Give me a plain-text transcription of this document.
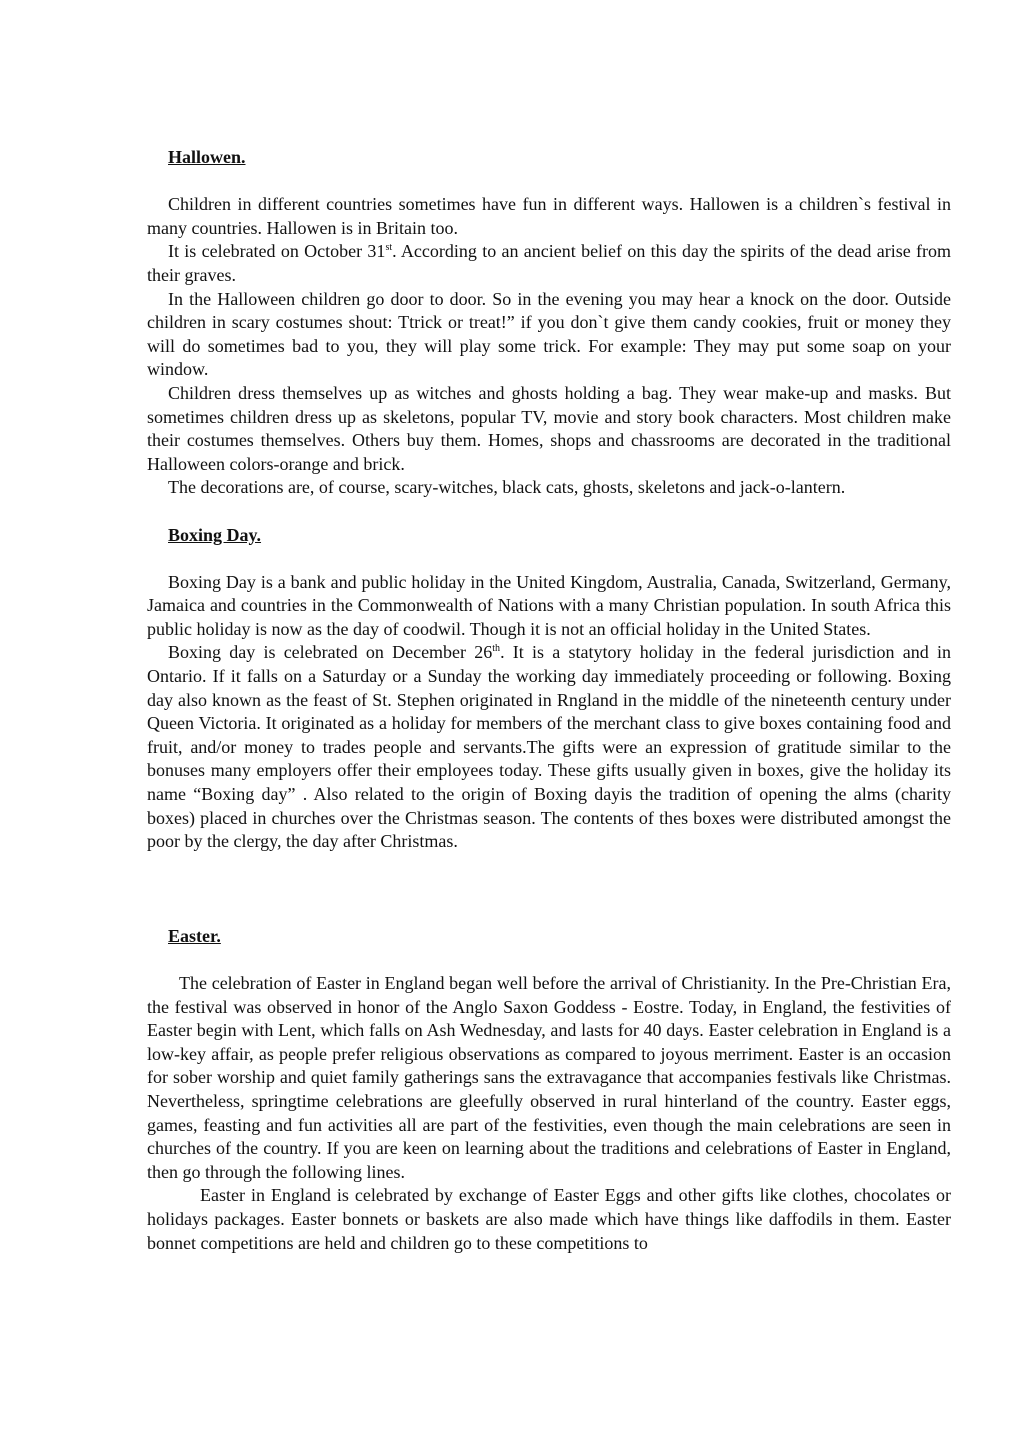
Hallowen.

Children in different countries sometimes have fun in different ways. Hallowen is a children`s festival in many countries. Hallowen is in Britain too.

It is celebrated on October 31st. According to an ancient belief on this day the spirits of the dead arise from their graves.

In the Halloween children go door to door. So in the evening you may hear a knock on the door. Outside children in scary costumes shout: Ttrick or treat!” if you don`t give them candy cookies, fruit or money they will do sometimes bad to you, they will play some trick. For example: They may put some soap on your window.

Children dress themselves up as witches and ghosts holding a bag. They wear make-up and masks. But sometimes children dress up as skeletons, popular TV, movie and story book characters. Most children make their costumes themselves. Others buy them. Homes, shops and chassrooms are decorated in the traditional Halloween colors-orange and brick.

The decorations are, of course, scary-witches, black cats, ghosts, skeletons and jack-o-lantern.

Boxing Day.

Boxing Day is a bank and public holiday in the United Kingdom, Australia, Canada, Switzerland, Germany, Jamaica and countries in the Commonwealth of Nations with a many Christian population. In south Africa this public holiday is now as the day of coodwil. Though it is not an official holiday in the United States.

Boxing day is celebrated on December 26th. It is a statytory holiday in the federal jurisdiction and in Ontario. If it falls on a Saturday or a Sunday the working day immediately proceeding or following. Boxing day also known as the feast of St. Stephen originated in Rngland in the middle of the nineteenth century under Queen Victoria. It originated as a holiday for members of the merchant class to give boxes containing food and fruit, and/or money to trades people and servants.The gifts were an expression of gratitude similar to the bonuses many employers offer their employees today. These gifts usually given in boxes, give the holiday its name “Boxing day” . Also related to the origin of Boxing dayis the tradition of opening the alms (charity boxes) placed in churches over the Christmas season. The contents of thes boxes were distributed amongst the poor by the clergy, the day after Christmas.

Easter.

The celebration of Easter in England began well before the arrival of Christianity. In the Pre-Christian Era, the festival was observed in honor of the Anglo Saxon Goddess - Eostre. Today, in England, the festivities of Easter begin with Lent, which falls on Ash Wednesday, and lasts for 40 days. Easter celebration in England is a low-key affair, as people prefer religious observations as compared to joyous merriment. Easter is an occasion for sober worship and quiet family gatherings sans the extravagance that accompanies festivals like Christmas. Nevertheless, springtime celebrations are gleefully observed in rural hinterland of the country. Easter eggs, games, feasting and fun activities all are part of the festivities, even though the main celebrations are seen in churches of the country. If you are keen on learning about the traditions and celebrations of Easter in England, then go through the following lines.

Easter in England is celebrated by exchange of Easter Eggs and other gifts like clothes, chocolates or holidays packages. Easter bonnets or baskets are also made which have things like daffodils in them. Easter bonnet competitions are held and children go to these competitions to
